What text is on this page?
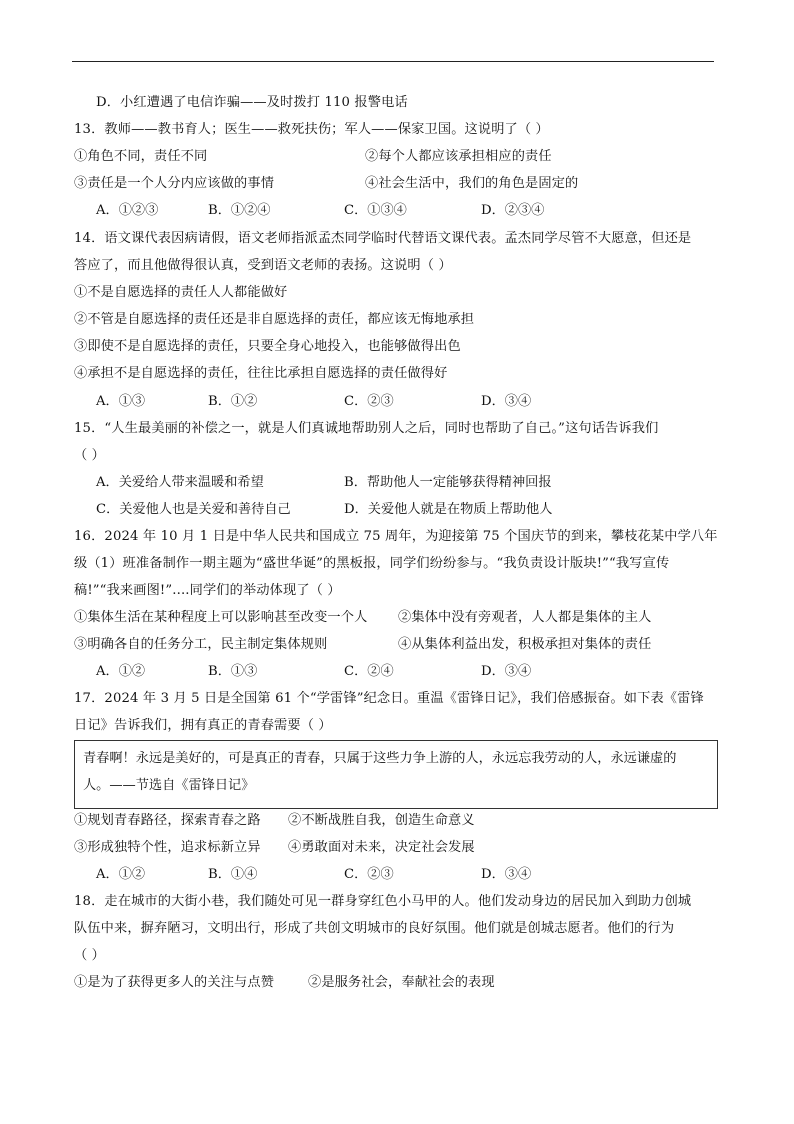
D．小红遭遇了电信诈骗——及时拨打 110 报警电话
13．教师——教书育人；医生——救死扶伤；军人——保家卫国。这说明了（ ）
①角色不同，责任不同	②每个人都应该承担相应的责任
③责任是一个人分内应该做的事情	④社会生活中，我们的角色是固定的
A．①②③	B．①②④	C．①③④	D．②③④
14．语文课代表因病请假，语文老师指派孟杰同学临时代替语文课代表。孟杰同学尽管不大愿意，但还是
答应了，而且他做得很认真，受到语文老师的表扬。这说明（ ）
①不是自愿选择的责任人人都能做好
②不管是自愿选择的责任还是非自愿选择的责任，都应该无悔地承担
③即使不是自愿选择的责任，只要全身心地投入，也能够做得出色
④承担不是自愿选择的责任，往往比承担自愿选择的责任做得好
A．①③	B．①②	C．②③	D．③④
15．“人生最美丽的补偿之一，就是人们真诚地帮助别人之后，同时也帮助了自己。”这句话告诉我们
（ ）
A．关爱给人带来温暖和希望	B．帮助他人一定能够获得精神回报
C．关爱他人也是关爱和善待自己	D．关爱他人就是在物质上帮助他人
16．2024 年 10 月 1 日是中华人民共和国成立 75 周年，为迎接第 75 个国庆节的到来，攀枝花某中学八年
级（1）班准备制作一期主题为“盛世华诞”的黑板报，同学们纷纷参与。“我负责设计版块!”“我写宣传
稿!”“我来画图!”....同学们的举动体现了（ ）
①集体生活在某种程度上可以影响甚至改变一个人 ②集体中没有旁观者，人人都是集体的主人
③明确各自的任务分工，民主制定集体规则	④从集体利益出发，积极承担对集体的责任
A．①②	B．①③	C．②④	D．③④
17．2024 年 3 月 5 日是全国第 61 个“学雷锋”纪念日。重温《雷锋日记》，我们倍感振奋。如下表《雷锋
日记》告诉我们，拥有真正的青春需要（ ）
青春啊！永远是美好的，可是真正的青春，只属于这些力争上游的人，永远忘我劳动的人，永远谦虚的
人。——节选自《雷锋日记》
①规划青春路径，探索青春之路 ②不断战胜自我，创造生命意义
③形成独特个性，追求标新立异 ④勇敢面对未来，决定社会发展
A．①②	B．①④	C．②③	D．③④
18．走在城市的大街小巷，我们随处可见一群身穿红色小马甲的人。他们发动身边的居民加入到助力创城
队伍中来，摒弃陋习，文明出行，形成了共创文明城市的良好氛围。他们就是创城志愿者。他们的行为
（ ）
①是为了获得更多人的关注与点赞	②是服务社会，奉献社会的表现
